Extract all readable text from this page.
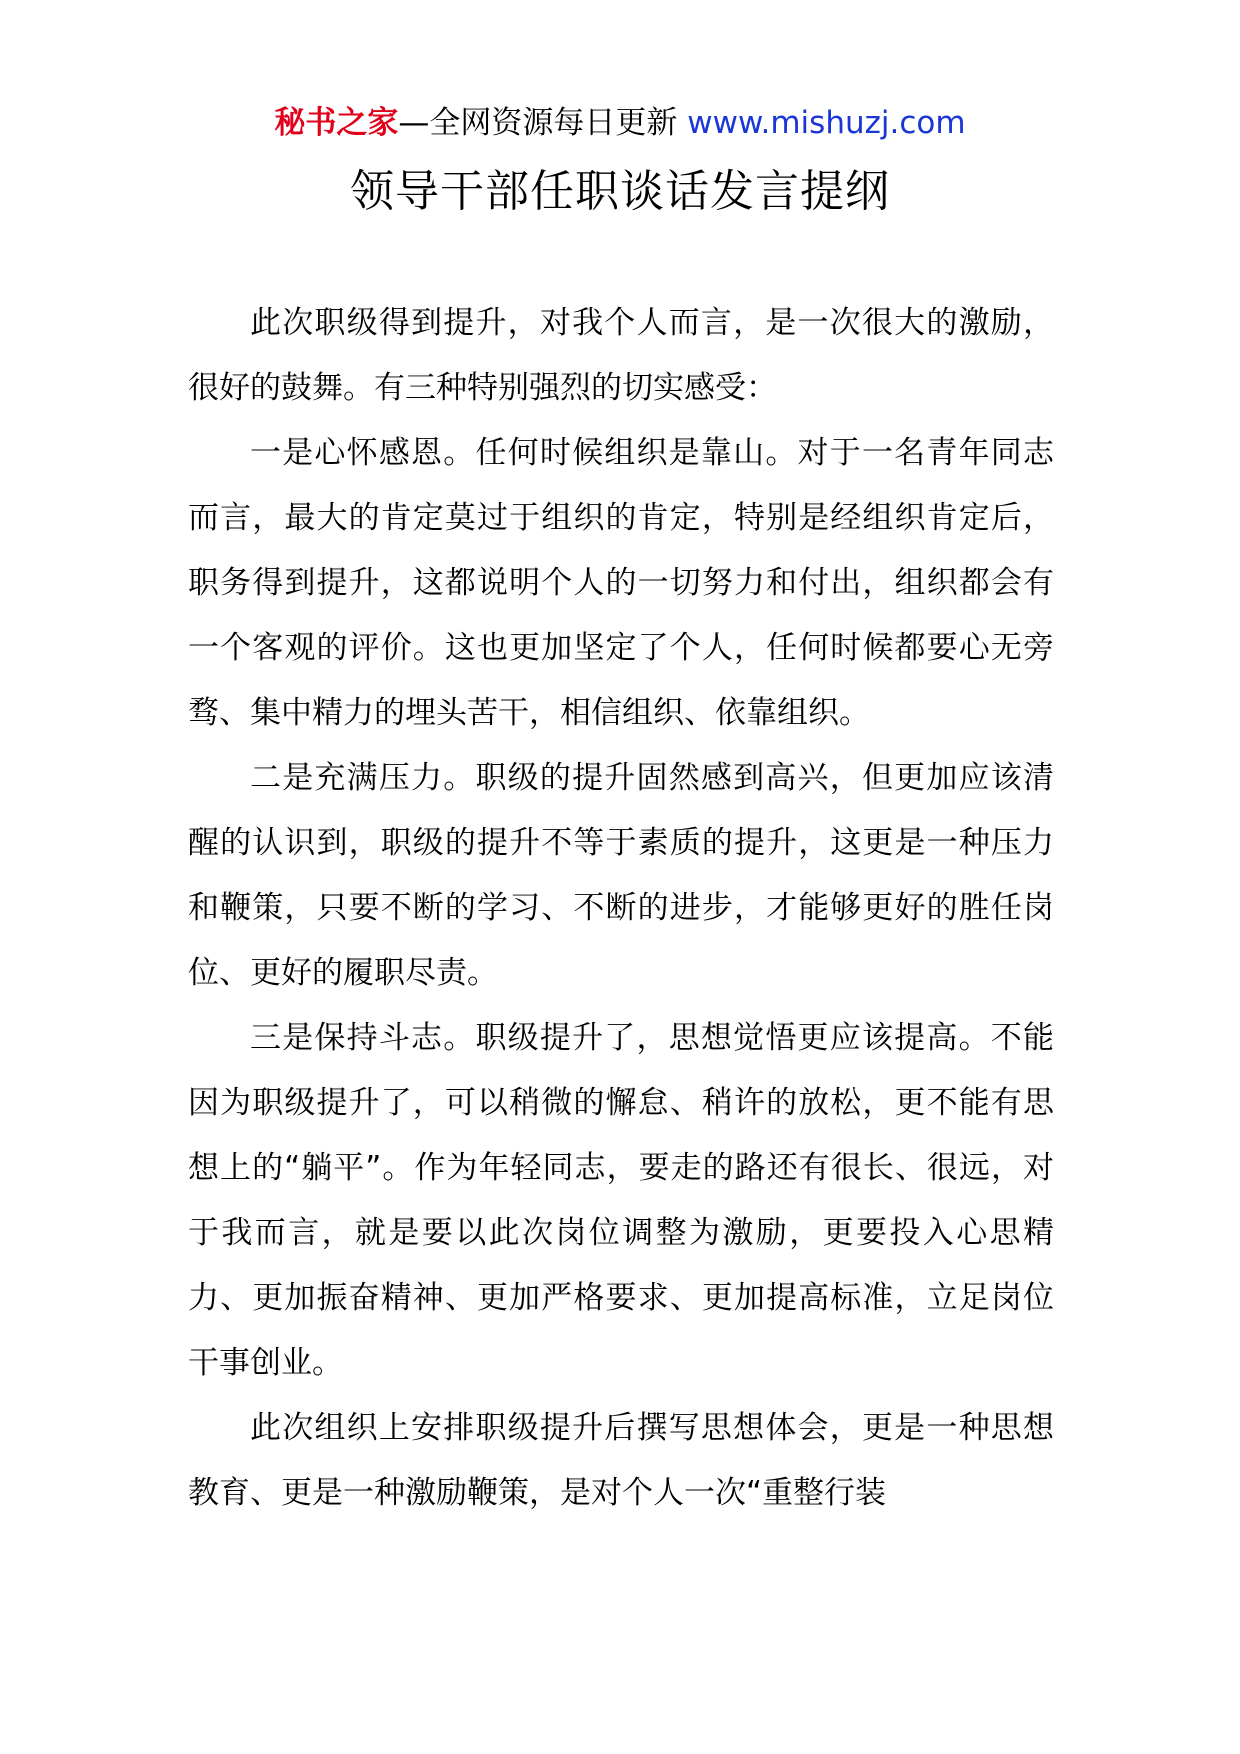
秘书之家—全网资源每日更新 www.mishuzj.com
领导干部任职谈话发言提纲

此次职级得到提升，对我个人而言，是一次很大的激励，很好的鼓舞。有三种特别强烈的切实感受：

一是心怀感恩。任何时候组织是靠山。对于一名青年同志而言，最大的肯定莫过于组织的肯定，特别是经组织肯定后，职务得到提升，这都说明个人的一切努力和付出，组织都会有一个客观的评价。这也更加坚定了个人，任何时候都要心无旁骛、集中精力的埋头苦干，相信组织、依靠组织。

二是充满压力。职级的提升固然感到高兴，但更加应该清醒的认识到，职级的提升不等于素质的提升，这更是一种压力和鞭策，只要不断的学习、不断的进步，才能够更好的胜任岗位、更好的履职尽责。

三是保持斗志。职级提升了，思想觉悟更应该提高。不能因为职级提升了，可以稍微的懈怠、稍许的放松，更不能有思想上的“躺平”。作为年轻同志，要走的路还有很长、很远，对于我而言，就是要以此次岗位调整为激励，更要投入心思精力、更加振奋精神、更加严格要求、更加提高标准，立足岗位干事创业。

此次组织上安排职级提升后撰写思想体会，更是一种思想教育、更是一种激励鞭策，是对个人一次“重整行装
